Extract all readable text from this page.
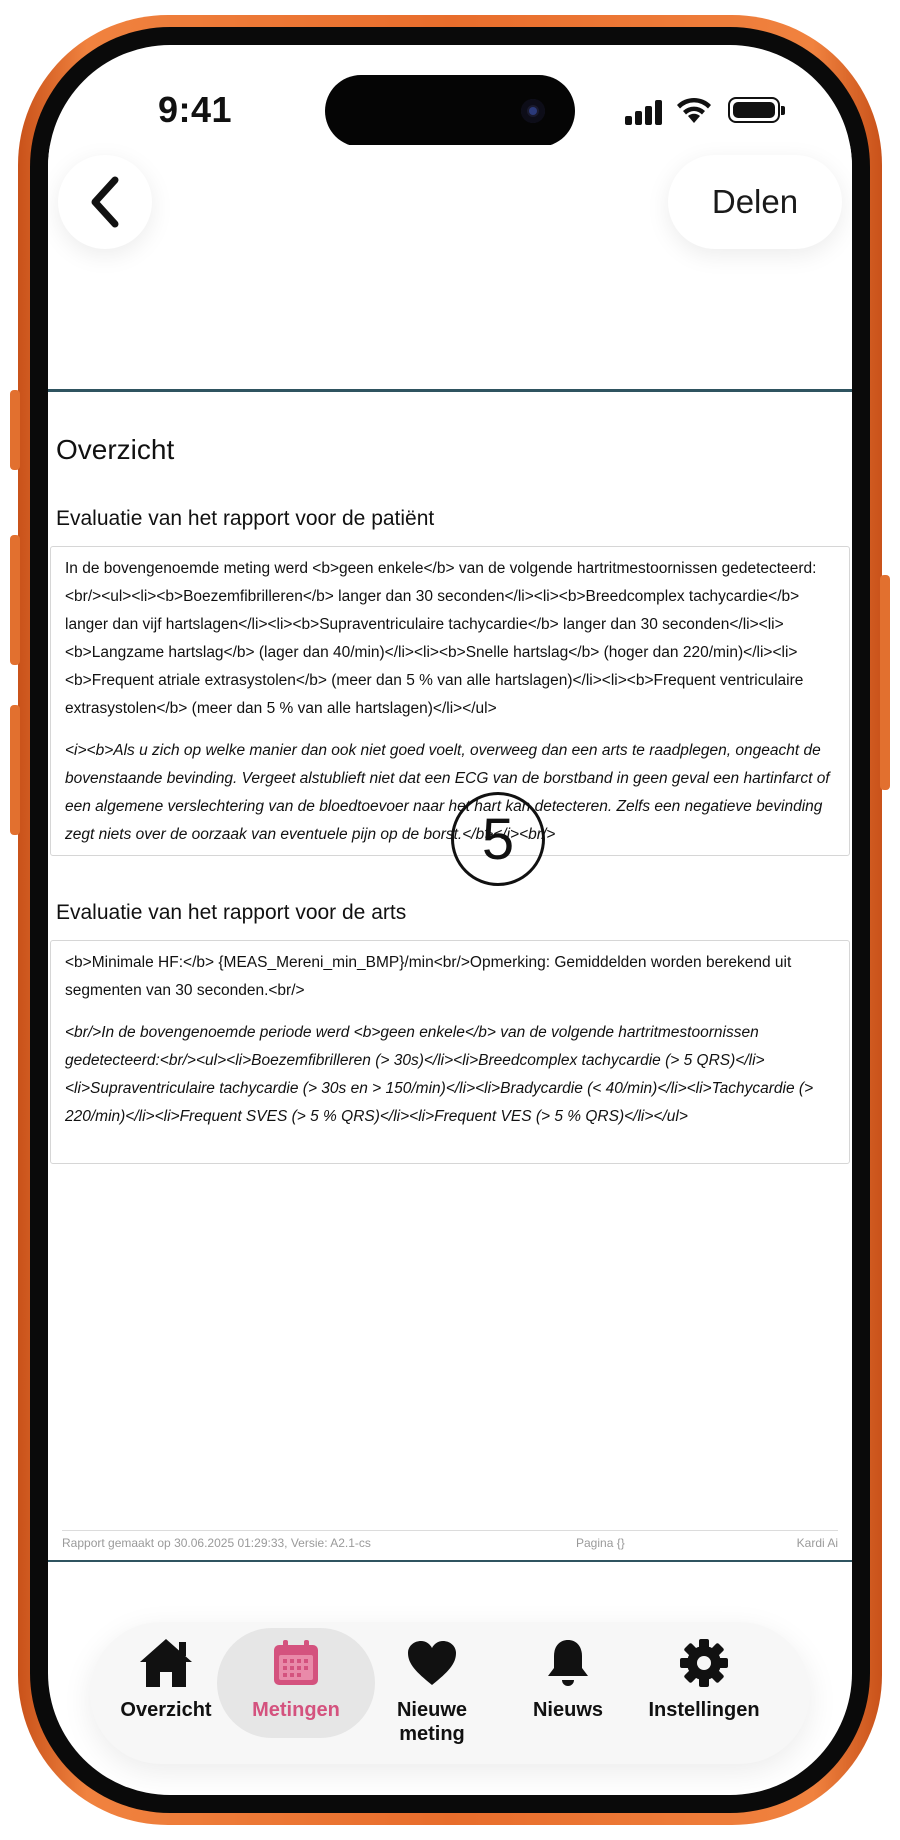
9:41
Delen
Overzicht
Evaluatie van het rapport voor de patiënt

In de bovengenoemde meting werd <b>geen enkele</b> van de volgende hartritmestoornissen gedetecteerd:<br/><ul><li><b>Boezemfibrilleren</b> langer dan 30 seconden</li><li><b>Breedcomplex tachycardie</b> langer dan vijf hartslagen</li><li><b>Supraventriculaire tachycardie</b> langer dan 30 seconden</li><li><b>Langzame hartslag</b> (lager dan 40/min)</li><li><b>Snelle hartslag</b> (hoger dan 220/min)</li><li><b>Frequent atriale extrasystolen</b> (meer dan 5 % van alle hartslagen)</li><li><b>Frequent ventriculaire extrasystolen</b> (meer dan 5 % van alle hartslagen)</li></ul>

<i><b>Als u zich op welke manier dan ook niet goed voelt, overweeg dan een arts te raadplegen, ongeacht de bovenstaande bevinding. Vergeet alstublieft niet dat een ECG van de borstband in geen geval een hartinfarct of een algemene verslechtering van de bloedtoevoer naar het hart kan detecteren. Zelfs een negatieve bevinding zegt niets over de oorzaak van eventuele pijn op de borst.</b></i><br/>

Evaluatie van het rapport voor de arts

<b>Minimale HF:</b> {MEAS_Mereni_min_BMP}/min<br/>Opmerking: Gemiddelden worden berekend uit segmenten van 30 seconden.<br/>

<br/>In de bovengenoemde periode werd <b>geen enkele</b> van de volgende hartritmestoornissen gedetecteerd:<br/><ul><li>Boezemfibrilleren (> 30s)</li><li>Breedcomplex tachycardie (> 5 QRS)</li><li>Supraventriculaire tachycardie (> 30s en > 150/min)</li><li>Bradycardie (< 40/min)</li><li>Tachycardie (> 220/min)</li><li>Frequent SVES (> 5 % QRS)</li><li>Frequent VES (> 5 % QRS)</li></ul>

5
Rapport gemaakt op 30.06.2025 01:29:33, Versie: A2.1-cs	Pagina {}	Kardi Ai
Overzicht Metingen	Nieuwe meting
Nieuws Instellingen
